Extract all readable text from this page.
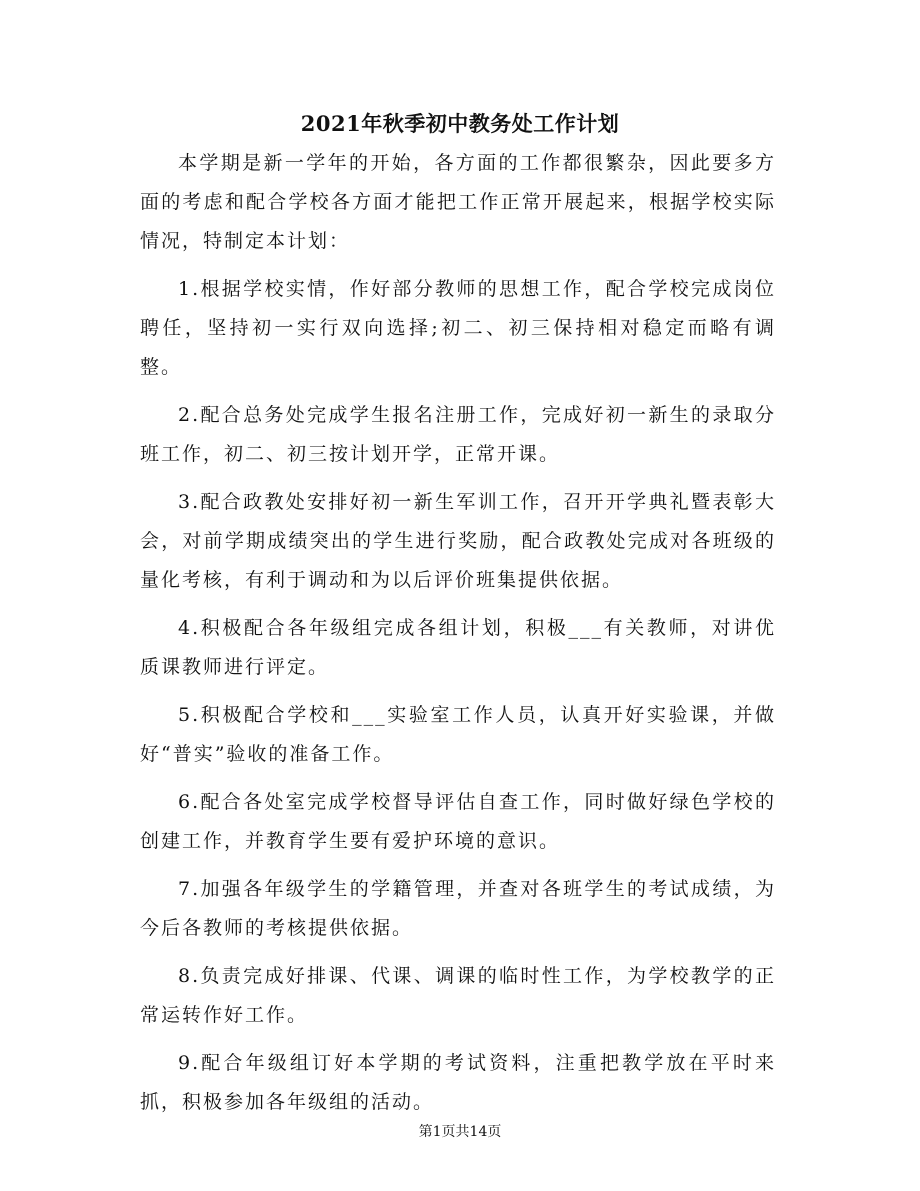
2021年秋季初中教务处工作计划

本学期是新一学年的开始，各方面的工作都很繁杂，因此要多方面的考虑和配合学校各方面才能把工作正常开展起来，根据学校实际情况，特制定本计划：

1.根据学校实情，作好部分教师的思想工作，配合学校完成岗位聘任，坚持初一实行双向选择;初二、初三保持相对稳定而略有调整。

2.配合总务处完成学生报名注册工作，完成好初一新生的录取分班工作，初二、初三按计划开学，正常开课。

3.配合政教处安排好初一新生军训工作，召开开学典礼暨表彰大会，对前学期成绩突出的学生进行奖励，配合政教处完成对各班级的量化考核，有利于调动和为以后评价班集提供依据。

4.积极配合各年级组完成各组计划，积极___有关教师，对讲优质课教师进行评定。

5.积极配合学校和___实验室工作人员，认真开好实验课，并做好“普实”验收的准备工作。

6.配合各处室完成学校督导评估自查工作，同时做好绿色学校的创建工作，并教育学生要有爱护环境的意识。

7.加强各年级学生的学籍管理，并查对各班学生的考试成绩，为今后各教师的考核提供依据。

8.负责完成好排课、代课、调课的临时性工作，为学校教学的正常运转作好工作。

9.配合年级组订好本学期的考试资料，注重把教学放在平时来抓，积极参加各年级组的活动。

第1页共14页
